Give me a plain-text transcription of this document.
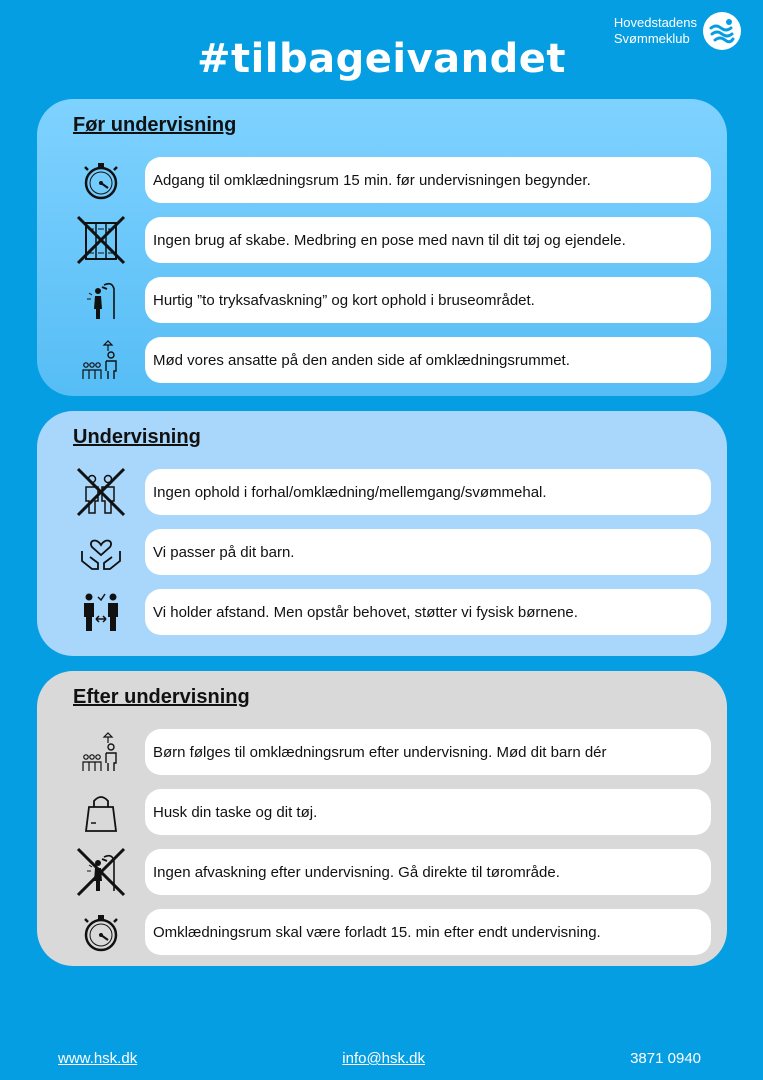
Hovedstadens
Svømmeklub
#tilbageivandet
Før undervisning
Adgang til omklædningsrum 15 min. før undervisningen begynder.
Ingen brug af skabe. Medbring en pose med navn til dit tøj og ejendele.
Hurtig ”to tryksafvaskning” og kort ophold i bruseområdet.
Mød vores ansatte på den anden side af omklædningsrummet.
Undervisning
Ingen ophold i forhal/omklædning/mellemgang/svømmehal.
Vi passer på dit barn.
Vi holder afstand. Men opstår behovet, støtter vi fysisk børnene.
Efter undervisning
Børn følges til omklædningsrum efter undervisning. Mød dit barn dér
Husk din taske og dit tøj.
Ingen afvaskning efter undervisning. Gå direkte til tørområde.
Omklædningsrum skal være forladt 15. min efter endt undervisning.
www.hsk.dk	info@hsk.dk	3871 0940
